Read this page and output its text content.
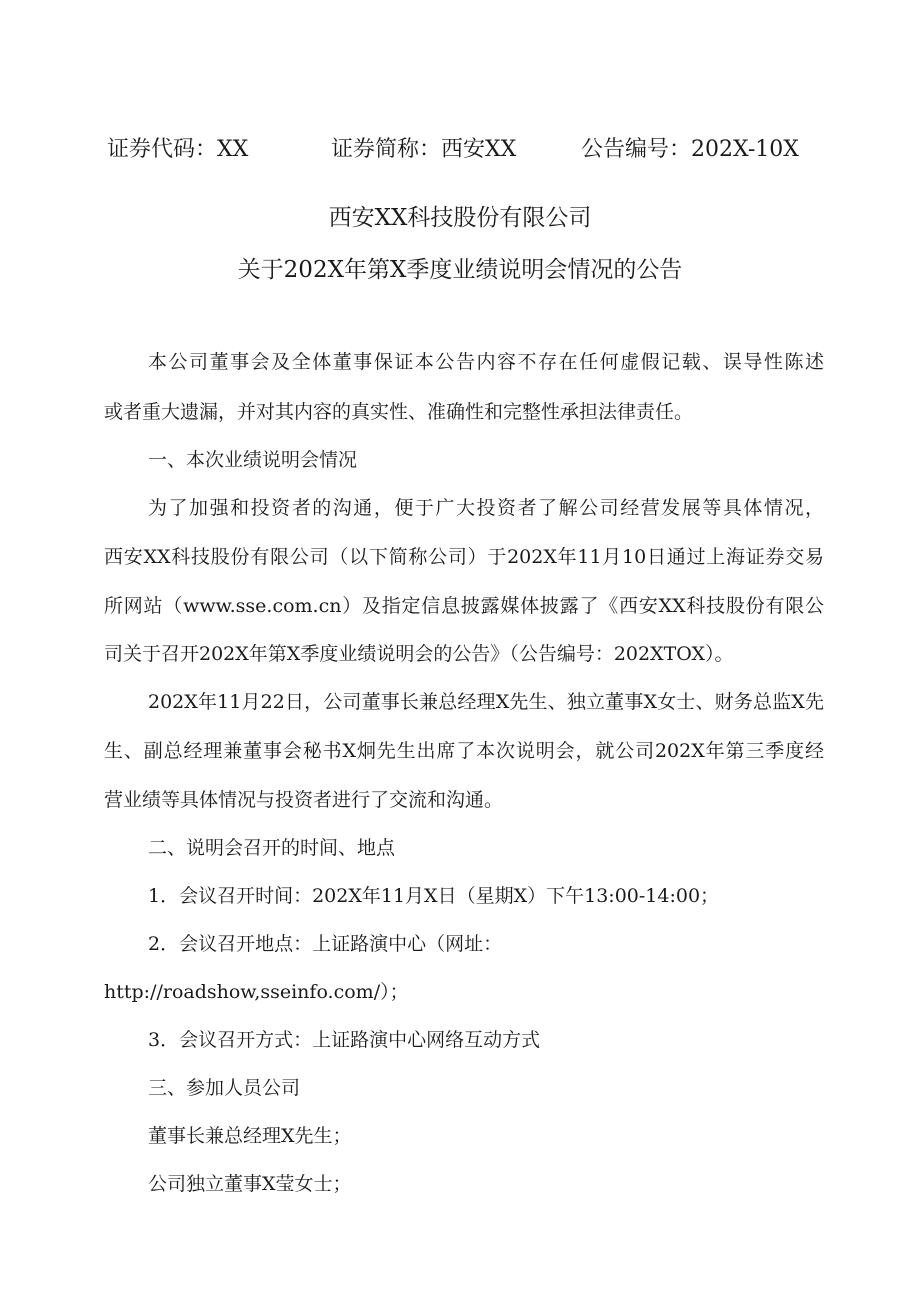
证券代码：XX	证券简称：西安XX	公告编号：202X-10X
西安XX科技股份有限公司
关于202X年第X季度业绩说明会情况的公告
本公司董事会及全体董事保证本公告内容不存在任何虚假记载、误导性陈述
或者重大遗漏，并对其内容的真实性、准确性和完整性承担法律责任。
一、本次业绩说明会情况
为了加强和投资者的沟通，便于广大投资者了解公司经营发展等具体情况，
西安XX科技股份有限公司（以下简称公司）于202X年11月10日通过上海证券交易
所网站（www.sse.com.cn）及指定信息披露媒体披露了《西安XX科技股份有限公
司关于召开202X年第X季度业绩说明会的公告》（公告编号：202XTOX）。
202X年11月22日，公司董事长兼总经理X先生、独立董事X女士、财务总监X先
生、副总经理兼董事会秘书X炯先生出席了本次说明会，就公司202X年第三季度经
营业绩等具体情况与投资者进行了交流和沟通。
二、说明会召开的时间、地点
1．会议召开时间：202X年11月X日（星期X）下午13:00-14:00；
2．会议召开地点：上证路演中心（网址：
http://roadshow,sseinfo.com/）；
3．会议召开方式：上证路演中心网络互动方式
三、参加人员公司
董事长兼总经理X先生；
公司独立董事X莹女士；
